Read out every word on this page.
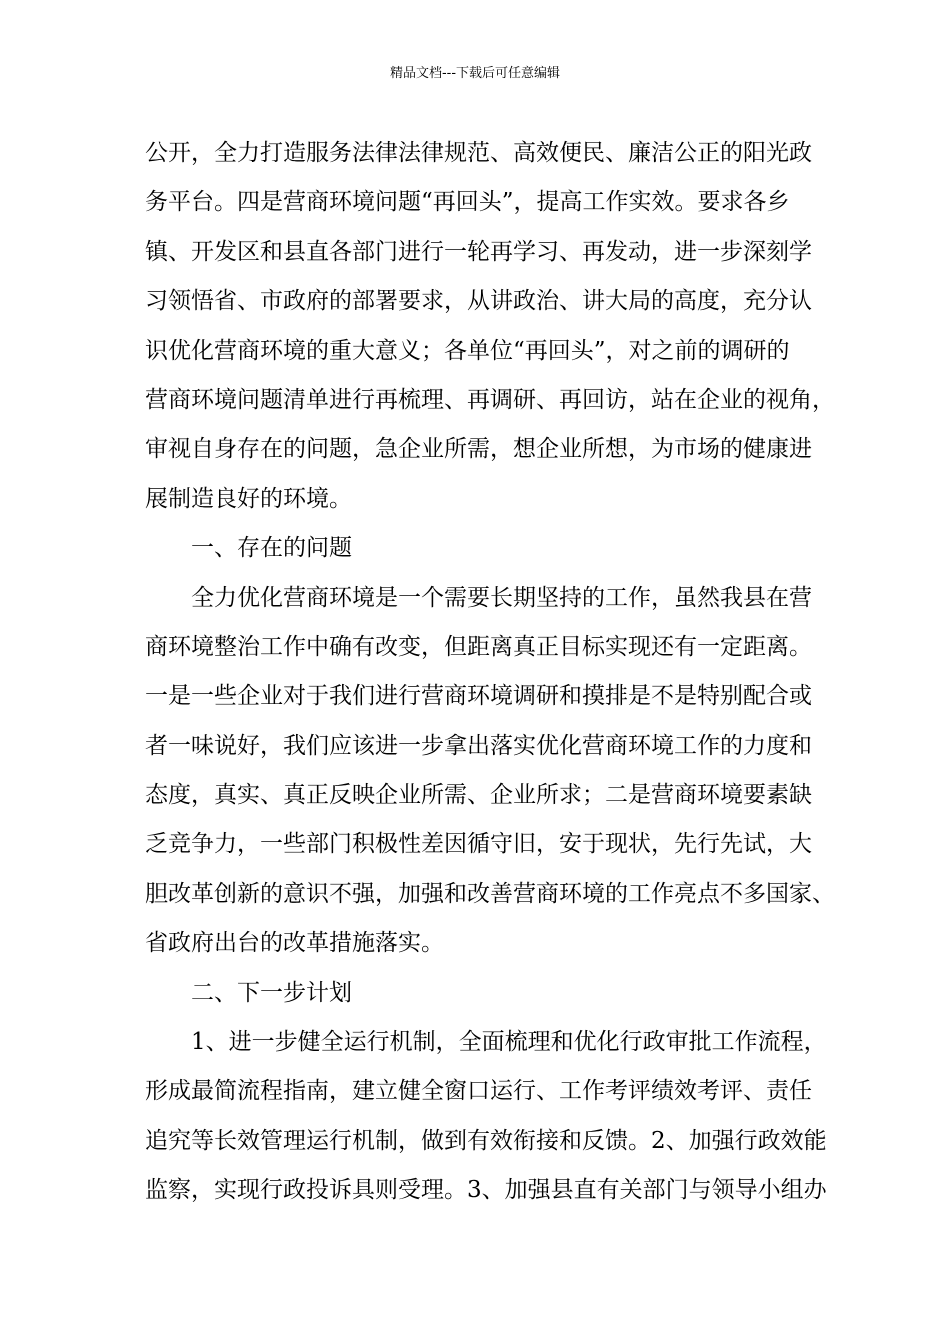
精品文档---下载后可任意编辑
公开，全力打造服务法律法律规范、高效便民、廉洁公正的阳光政
务平台。四是营商环境问题“再回头”，提高工作实效。要求各乡
镇、开发区和县直各部门进行一轮再学习、再发动，进一步深刻学
习领悟省、市政府的部署要求，从讲政治、讲大局的高度，充分认
识优化营商环境的重大意义；各单位“再回头”，对之前的调研的
营商环境问题清单进行再梳理、再调研、再回访，站在企业的视角，
审视自身存在的问题，急企业所需，想企业所想，为市场的健康进
展制造良好的环境。
一、存在的问题
全力优化营商环境是一个需要长期坚持的工作，虽然我县在营
商环境整治工作中确有改变，但距离真正目标实现还有一定距离。
一是一些企业对于我们进行营商环境调研和摸排是不是特别配合或
者一味说好，我们应该进一步拿出落实优化营商环境工作的力度和
态度，真实、真正反映企业所需、企业所求；二是营商环境要素缺
乏竞争力，一些部门积极性差因循守旧，安于现状，先行先试，大
胆改革创新的意识不强，加强和改善营商环境的工作亮点不多国家、
省政府出台的改革措施落实。
二、下一步计划
1、进一步健全运行机制，全面梳理和优化行政审批工作流程，
形成最简流程指南，建立健全窗口运行、工作考评绩效考评、责任
追究等长效管理运行机制，做到有效衔接和反馈。2、加强行政效能
监察，实现行政投诉具则受理。3、加强县直有关部门与领导小组办
